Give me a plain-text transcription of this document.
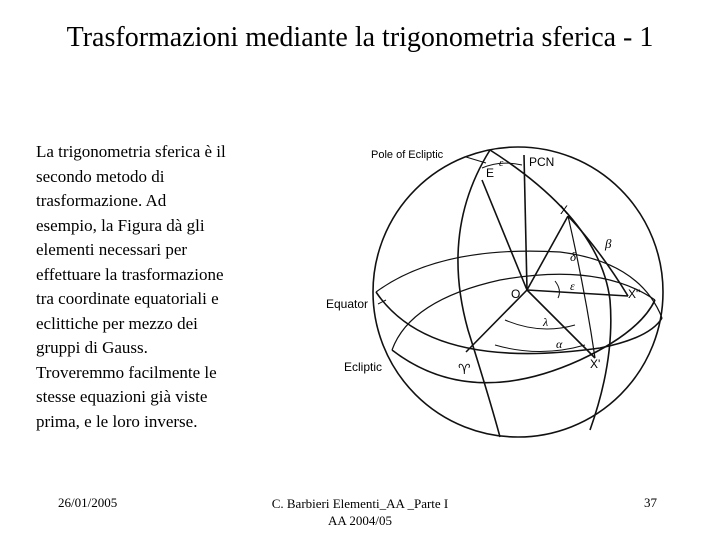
Trasformazioni mediante la trigonometria sferica - 1
La trigonometria sferica è il
secondo metodo di
trasformazione. Ad
esempio, la Figura dà gli
elementi necessari per
effettuare la trasformazione
tra coordinate equatoriali e
eclittiche per mezzo dei
gruppi di Gauss.
Troveremmo facilmente le
stesse equazioni già viste
prima, e le loro inverse.
Pole of Ecliptic	PCN
E
X
O	X"
X'
Equator
Ecliptic
ε
β
δ
ε
λ
α
♈
26/01/2005	C. Barbieri Elementi_AA _Parte I
AA 2004/05
37
